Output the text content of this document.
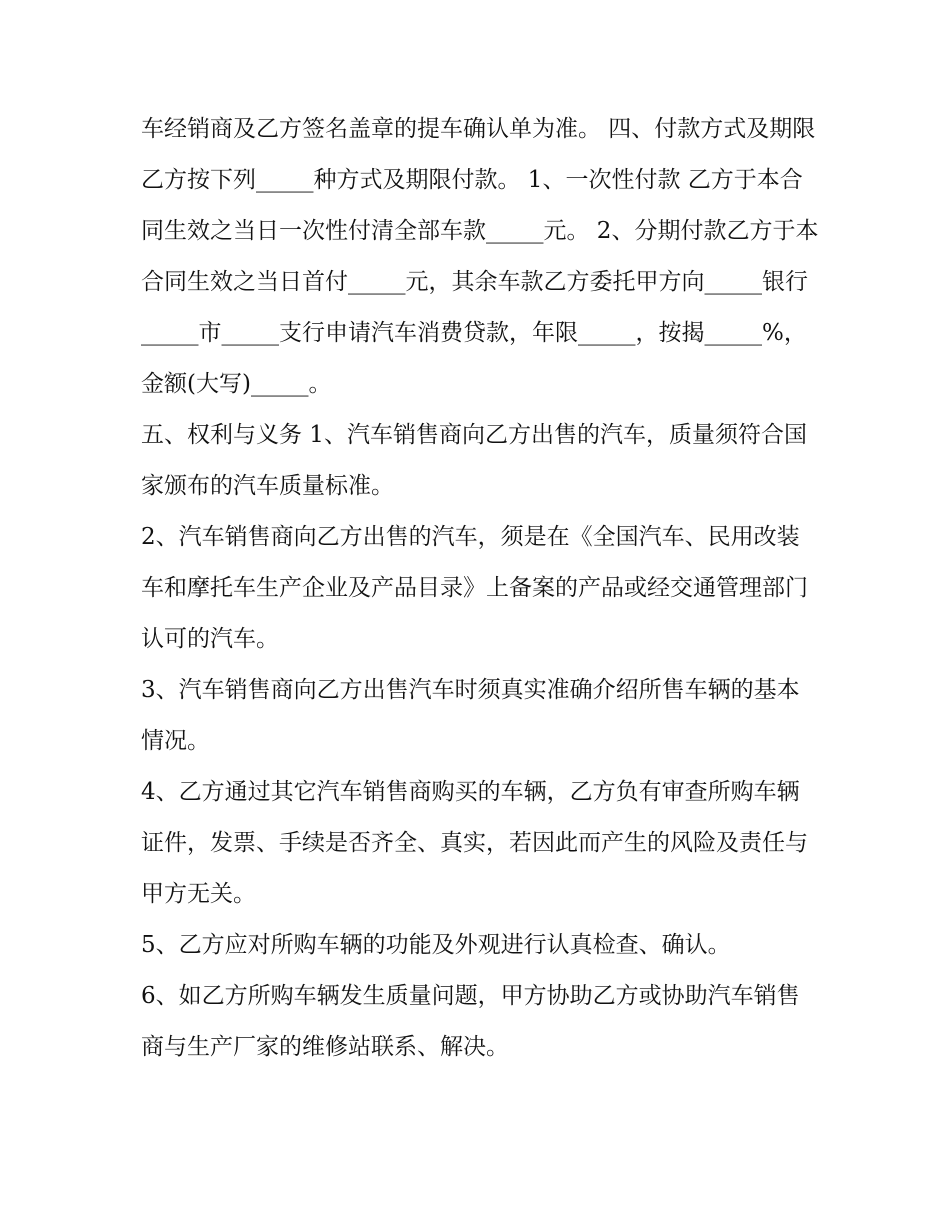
车经销商及乙方签名盖章的提车确认单为准。 四、付款方式及期限

乙方按下列_____种方式及期限付款。 1、一次性付款 乙方于本合同生效之当日一次性付清全部车款_____元。 2、分期付款乙方于本合同生效之当日首付_____元，其余车款乙方委托甲方向_____银行_____市_____支行申请汽车消费贷款，年限_____，按揭_____%，金额(大写)_____。

五、权利与义务 1、汽车销售商向乙方出售的汽车，质量须符合国家颁布的汽车质量标准。

2、汽车销售商向乙方出售的汽车，须是在《全国汽车、民用改装车和摩托车生产企业及产品目录》上备案的产品或经交通管理部门认可的汽车。

3、汽车销售商向乙方出售汽车时须真实准确介绍所售车辆的基本情况。

4、乙方通过其它汽车销售商购买的车辆，乙方负有审查所购车辆证件，发票、手续是否齐全、真实，若因此而产生的风险及责任与甲方无关。

5、乙方应对所购车辆的功能及外观进行认真检查、确认。

6、如乙方所购车辆发生质量问题，甲方协助乙方或协助汽车销售商与生产厂家的维修站联系、解决。
